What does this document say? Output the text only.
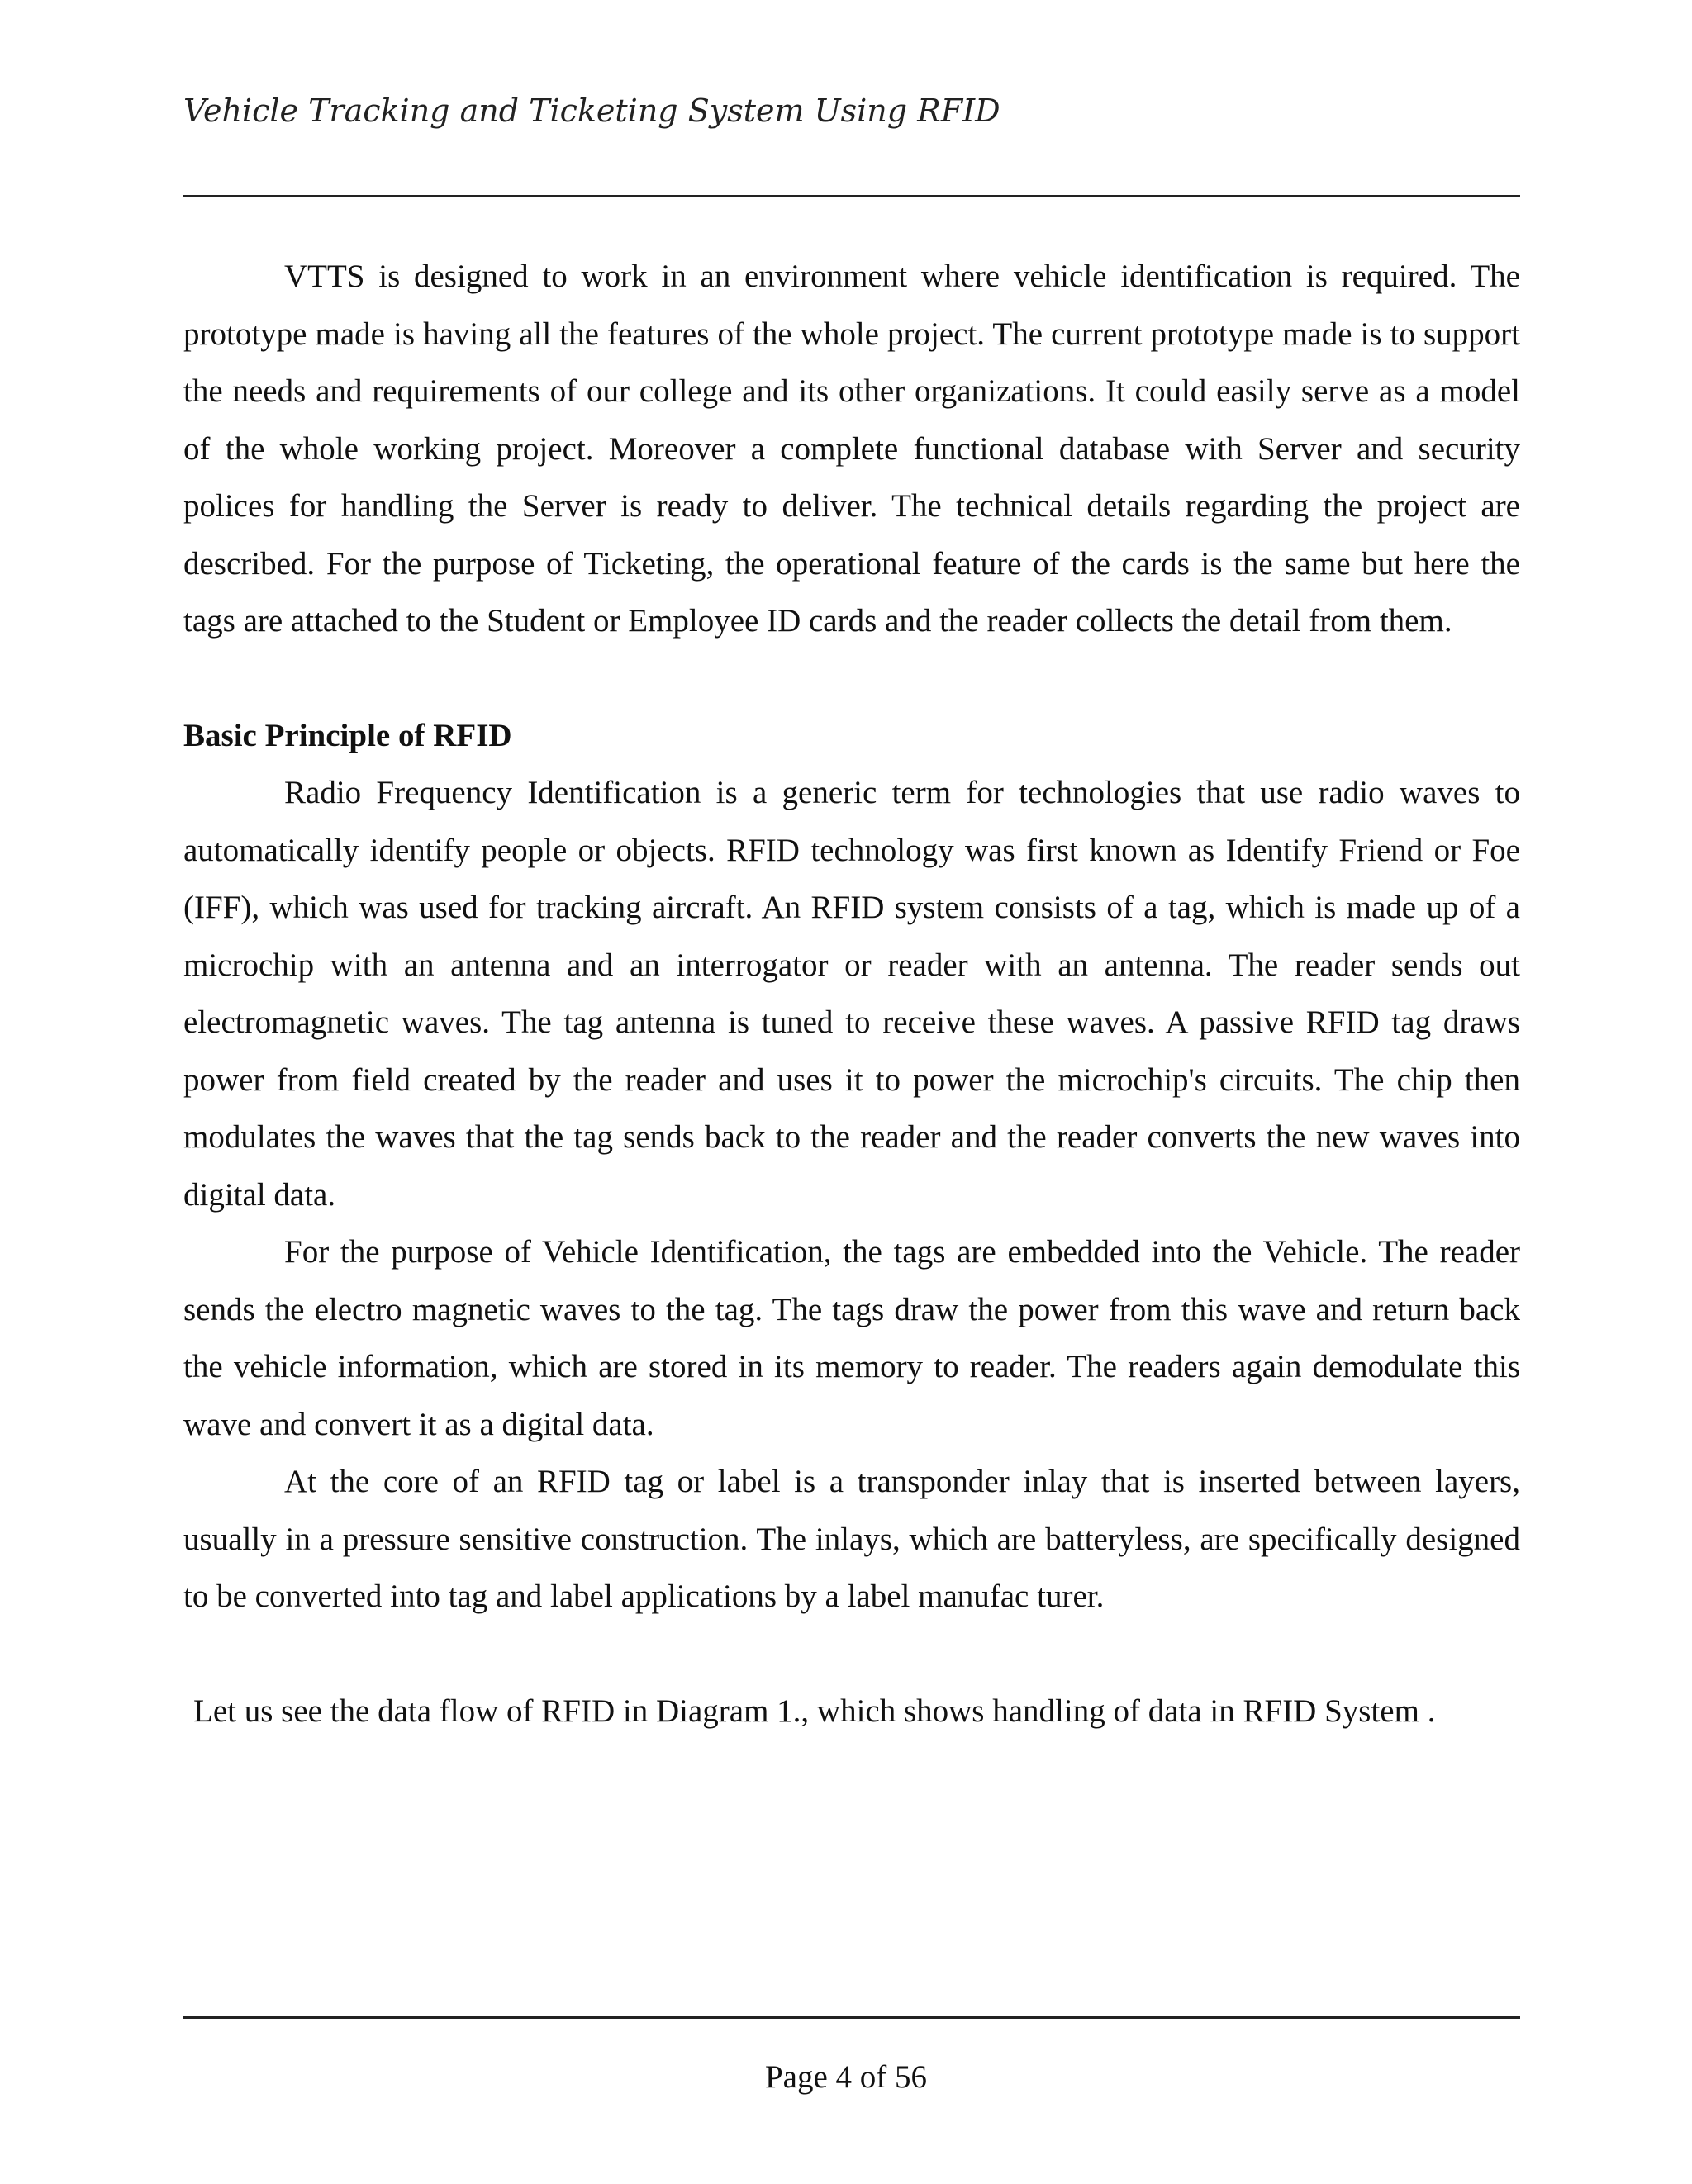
Vehicle Tracking and Ticketing System Using RFID

VTTS is designed to work in an environment where vehicle identification is required. The prototype made is having all the features of the whole project. The current prototype made is to support the needs and requirements of our college and its other organizations. It could easily serve as a model of the whole working project. Moreover a complete functional database with Server and security polices for handling the Server is ready to deliver. The technical details regarding the project are described. For the purpose of Ticketing, the operational feature of the cards is the same but here the tags are attached to the Student or Employee ID cards and the reader collects the detail from them.

Basic Principle of RFID

Radio Frequency Identification is a generic term for technologies that use radio waves to automatically identify people or objects. RFID technology was first known as Identify Friend or Foe (IFF), which was used for tracking aircraft. An RFID system consists of a tag, which is made up of a microchip with an antenna and an interrogator or reader with an antenna. The reader sends out electromagnetic waves. The tag antenna is tuned to receive these waves. A passive RFID tag draws power from field created by the reader and uses it to power the microchip's circuits. The chip then modulates the waves that the tag sends back to the reader and the reader converts the new waves into digital data.

For the purpose of Vehicle Identification, the tags are embedded into the Vehicle. The reader sends the electro magnetic waves to the tag. The tags draw the power from this wave and return back the vehicle information, which are stored in its memory to reader. The readers again demodulate this wave and convert it as a digital data.

At the core of an RFID tag or label is a transponder inlay that is inserted between layers, usually in a pressure sensitive construction. The inlays, which are batteryless, are specifically designed to be converted into tag and label applications by a label manufac turer.

Let us see the data flow of RFID in Diagram 1., which shows handling of data in RFID System .

Page 4 of 56
